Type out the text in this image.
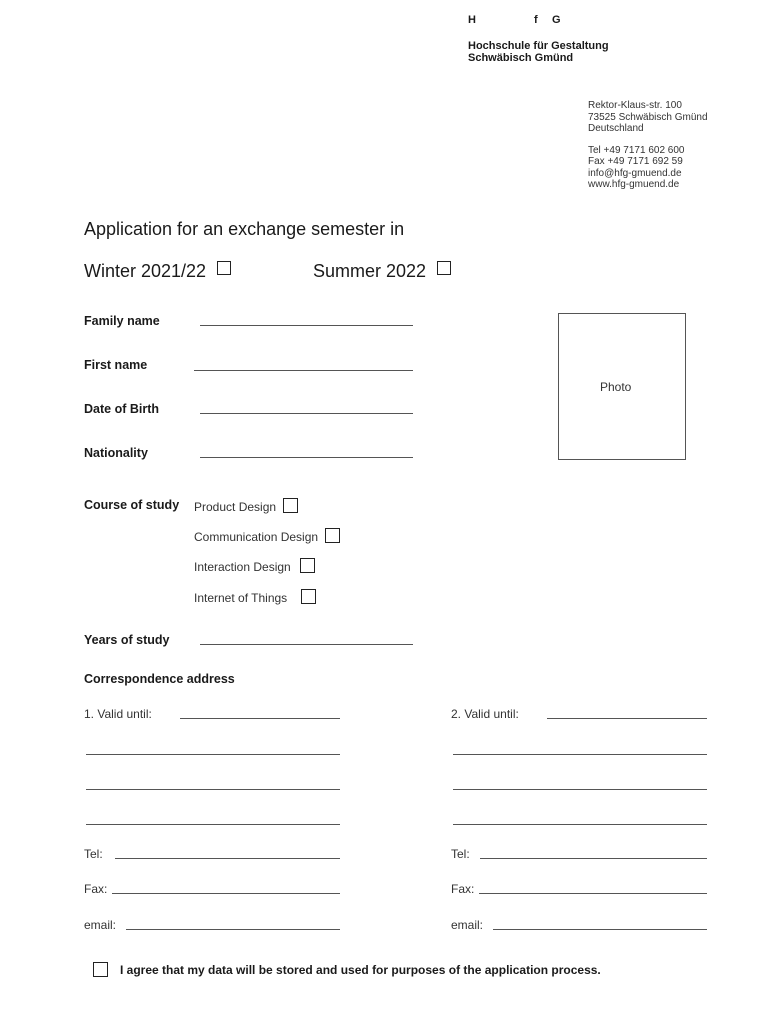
H	f G
Hochschule für Gestaltung
Schwäbisch Gmünd
Rektor-Klaus-str. 100
73525 Schwäbisch Gmünd
Deutschland
Tel +49 7171 602 600
Fax +49 7171 692 59
info@hfg-gmuend.de
www.hfg-gmuend.de
Application for an exchange semester in
Winter 2021/22	Summer 2022
Family name
First name
Date of Birth
Nationality
Photo
Course of study Product Design
Communication Design
Interaction Design
Internet of Things
Years of study
Correspondence address
1. Valid until:
Tel:
Fax:
email:
2. Valid until:
Tel:
Fax:
email:
I agree that my data will be stored and used for purposes of the application process.
